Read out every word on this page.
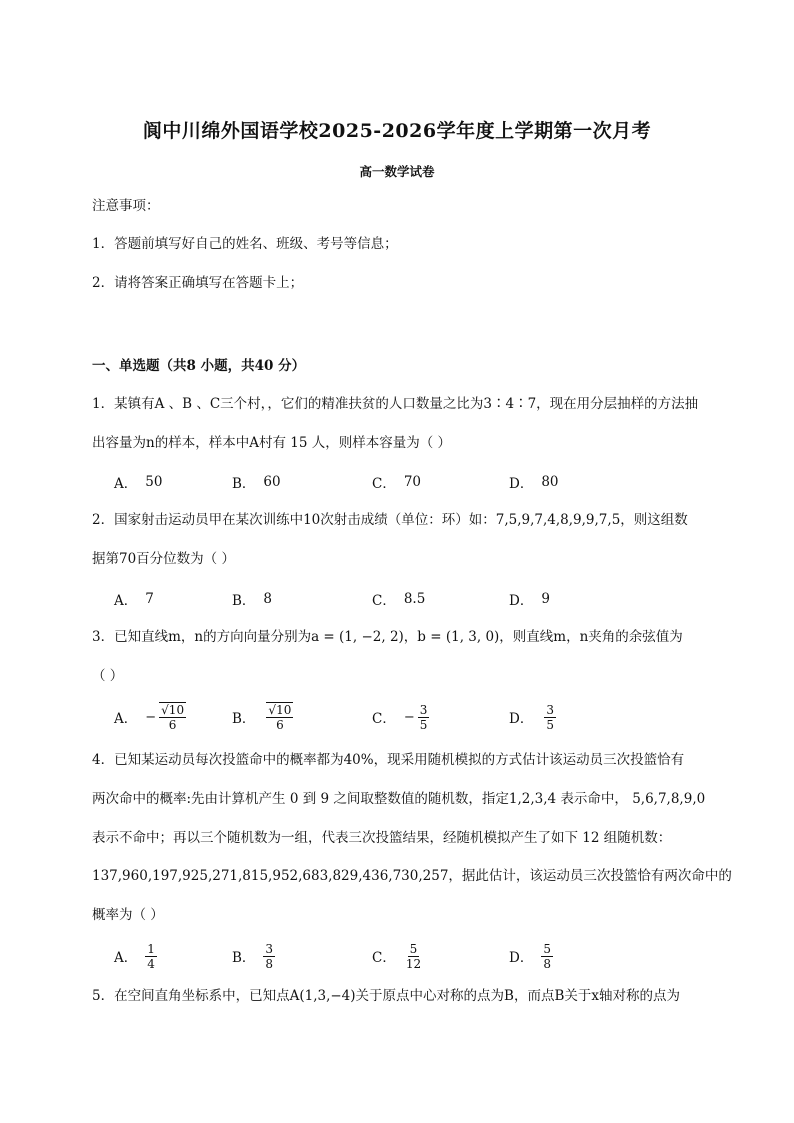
阆中川绵外国语学校2025-2026学年度上学期第一次月考
高一数学试卷
注意事项：
1．答题前填写好自己的姓名、班级、考号等信息；
2．请将答案正确填写在答题卡上；
一、单选题（共8 小题，共40 分）
1．某镇有A 、B 、C三个村，，它们的精准扶贫的人口数量之比为3∶4∶7，现在用分层抽样的方法抽
出容量为n的样本，样本中A村有 15 人，则样本容量为（ ）
A． 50	B． 60	C． 70	D． 80
2．国家射击运动员甲在某次训练中10次射击成绩（单位：环）如：7,5,9,7,4,8,9,9,7,5，则这组数
据第70百分位数为（ ）
A． 7	B． 8	C． 8.5	D． 9
3．已知直线m，n的方向向量分别为a = (1, −2, 2)，b = (1, 3, 0)，则直线m，n夹角的余弦值为
（ ）
A． − $\frac{√10}{6}$	B． $\frac{√10}{6}$	C． − $\frac{3}{5}$	D． $\frac{3}{5}$
4．已知某运动员每次投篮命中的概率都为40%，现采用随机模拟的方式估计该运动员三次投篮恰有
两次命中的概率:先由计算机产生 0 到 9 之间取整数值的随机数，指定1,2,3,4 表示命中， 5,6,7,8,9,0
表示不命中；再以三个随机数为一组，代表三次投篮结果，经随机模拟产生了如下 12 组随机数：
137,960,197,925,271,815,952,683,829,436,730,257，据此估计，该运动员三次投篮恰有两次命中的
概率为（ ）
A． $\frac{1}{4}$	B． $\frac{3}{8}$	C． $\frac{5}{12}$	D． $\frac{5}{8}$
5．在空间直角坐标系中，已知点A(1,3,−4)关于原点中心对称的点为B，而点B关于x轴对称的点为
